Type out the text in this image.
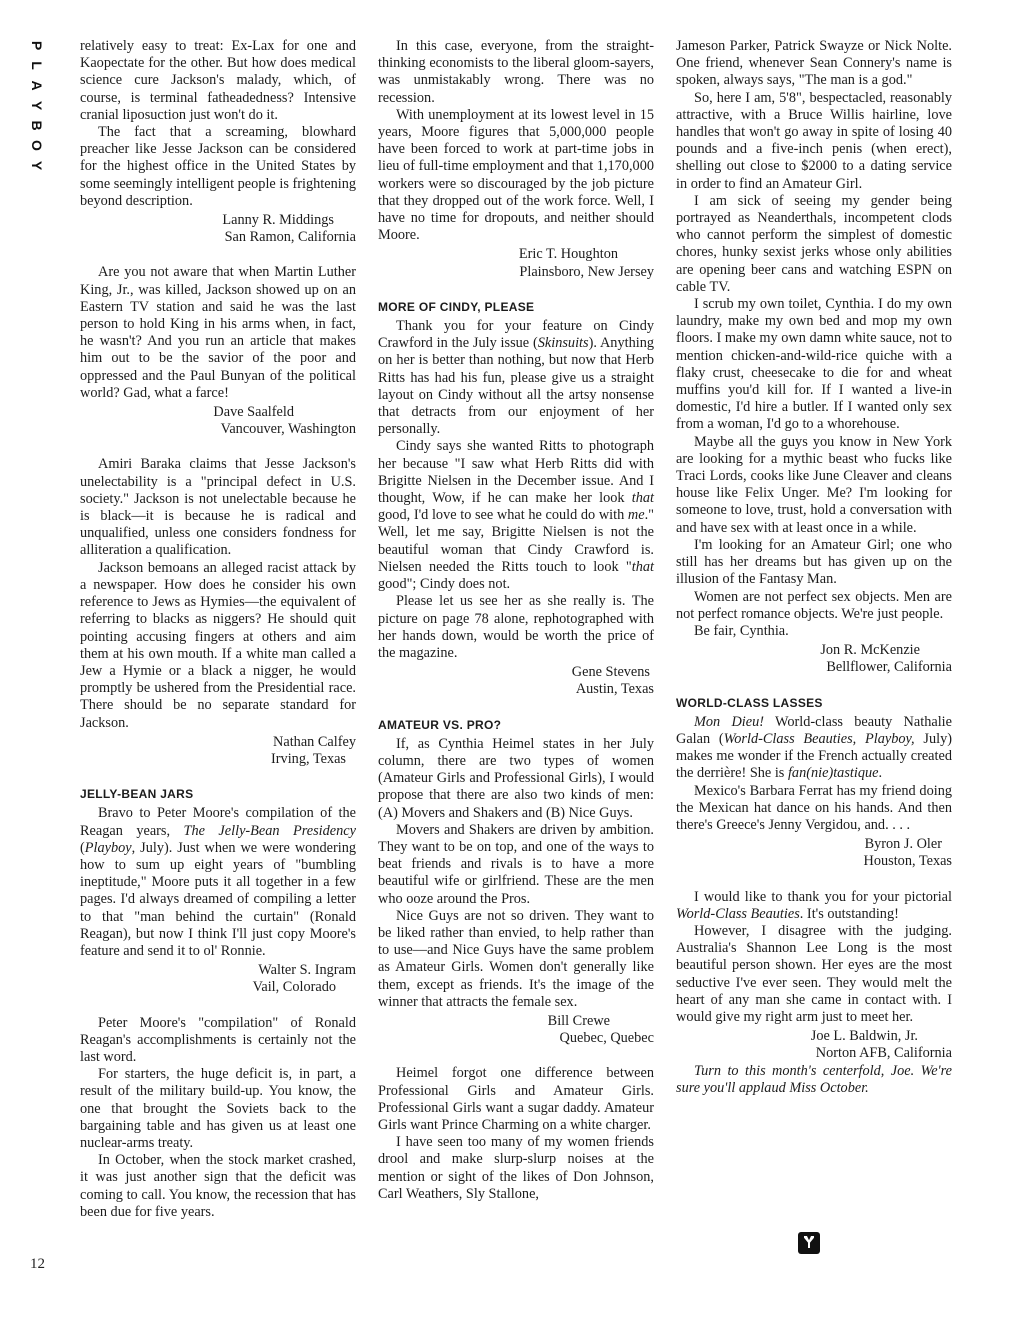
P
L
A
Y
B
O
Y
12

relatively easy to treat: Ex-Lax for one and Kaopectate for the other. But how does medical science cure Jackson's malady, which, of course, is terminal fatheadedness? Intensive cranial liposuction just won't do it.

The fact that a screaming, blowhard preacher like Jesse Jackson can be considered for the highest office in the United States by some seemingly intelligent people is frightening beyond description.

Lanny R. Middings
San Ramon, California

Are you not aware that when Martin Luther King, Jr., was killed, Jackson showed up on an Eastern TV station and said he was the last person to hold King in his arms when, in fact, he wasn't? And you run an article that makes him out to be the savior of the poor and oppressed and the Paul Bunyan of the political world? Gad, what a farce!

Dave Saalfeld
Vancouver, Washington

Amiri Baraka claims that Jesse Jackson's unelectability is a "principal defect in U.S. society." Jackson is not unelectable because he is black—it is because he is radical and unqualified, unless one considers fondness for alliteration a qualification.

Jackson bemoans an alleged racist attack by a newspaper. How does he consider his own reference to Jews as Hymies—the equivalent of referring to blacks as niggers? He should quit pointing accusing fingers at others and aim them at his own mouth. If a white man called a Jew a Hymie or a black a nigger, he would promptly be ushered from the Presidential race. There should be no separate standard for Jackson.

Nathan Calfey
Irving, Texas
JELLY-BEAN JARS

Bravo to Peter Moore's compilation of the Reagan years, The Jelly-Bean Presidency (Playboy, July). Just when we were wondering how to sum up eight years of "bumbling ineptitude," Moore puts it all together in a few pages. I'd always dreamed of compiling a letter to that "man behind the curtain" (Ronald Reagan), but now I think I'll just copy Moore's feature and send it to ol' Ronnie.

Walter S. Ingram
Vail, Colorado

Peter Moore's "compilation" of Ronald Reagan's accomplishments is certainly not the last word.

For starters, the huge deficit is, in part, a result of the military build-up. You know, the one that brought the Soviets back to the bargaining table and has given us at least one nuclear-arms treaty.

In October, when the stock market crashed, it was just another sign that the deficit was coming to call. You know, the recession that has been due for five years.

In this case, everyone, from the straight-thinking economists to the liberal gloom-sayers, was unmistakably wrong. There was no recession.

With unemployment at its lowest level in 15 years, Moore figures that 5,000,000 people have been forced to work at part-time jobs in lieu of full-time employment and that 1,170,000 workers were so discouraged by the job picture that they dropped out of the work force. Well, I have no time for dropouts, and neither should Moore.

Eric T. Houghton
Plainsboro, New Jersey
MORE OF CINDY, PLEASE

Thank you for your feature on Cindy Crawford in the July issue (Skinsuits). Anything on her is better than nothing, but now that Herb Ritts has had his fun, please give us a straight layout on Cindy without all the artsy nonsense that detracts from our enjoyment of her personally.

Cindy says she wanted Ritts to photograph her because "I saw what Herb Ritts did with Brigitte Nielsen in the December issue. And I thought, Wow, if he can make her look that good, I'd love to see what he could do with me." Well, let me say, Brigitte Nielsen is not the beautiful woman that Cindy Crawford is. Nielsen needed the Ritts touch to look "that good"; Cindy does not.

Please let us see her as she really is. The picture on page 78 alone, rephotographed with her hands down, would be worth the price of the magazine.

Gene Stevens
Austin, Texas
AMATEUR VS. PRO?

If, as Cynthia Heimel states in her July column, there are two types of women (Amateur Girls and Professional Girls), I would propose that there are also two kinds of men: (A) Movers and Shakers and (B) Nice Guys.

Movers and Shakers are driven by ambition. They want to be on top, and one of the ways to beat friends and rivals is to have a more beautiful wife or girlfriend. These are the men who ooze around the Pros.

Nice Guys are not so driven. They want to be liked rather than envied, to help rather than to use—and Nice Guys have the same problem as Amateur Girls. Women don't generally like them, except as friends. It's the image of the winner that attracts the female sex.

Bill Crewe
Quebec, Quebec

Heimel forgot one difference between Professional Girls and Amateur Girls. Professional Girls want a sugar daddy. Amateur Girls want Prince Charming on a white charger.

I have seen too many of my women friends drool and make slurp-slurp noises at the mention or sight of the likes of Don Johnson, Carl Weathers, Sly Stallone,

Jameson Parker, Patrick Swayze or Nick Nolte. One friend, whenever Sean Connery's name is spoken, always says, "The man is a god."

So, here I am, 5'8", bespectacled, reasonably attractive, with a Bruce Willis hairline, love handles that won't go away in spite of losing 40 pounds and a five-inch penis (when erect), shelling out close to $2000 to a dating service in order to find an Amateur Girl.

I am sick of seeing my gender being portrayed as Neanderthals, incompetent clods who cannot perform the simplest of domestic chores, hunky sexist jerks whose only abilities are opening beer cans and watching ESPN on cable TV.

I scrub my own toilet, Cynthia. I do my own laundry, make my own bed and mop my own floors. I make my own damn white sauce, not to mention chicken-and-wild-rice quiche with a flaky crust, cheesecake to die for and wheat muffins you'd kill for. If I wanted a live-in domestic, I'd hire a butler. If I wanted only sex from a woman, I'd go to a whorehouse.

Maybe all the guys you know in New York are looking for a mythic beast who fucks like Traci Lords, cooks like June Cleaver and cleans house like Felix Unger. Me? I'm looking for someone to love, trust, hold a conversation with and have sex with at least once in a while.

I'm looking for an Amateur Girl; one who still has her dreams but has given up on the illusion of the Fantasy Man.

Women are not perfect sex objects. Men are not perfect romance objects. We're just people.

Be fair, Cynthia.

Jon R. McKenzie
Bellflower, California
WORLD-CLASS LASSES

Mon Dieu! World-class beauty Nathalie Galan (World-Class Beauties, Playboy, July) makes me wonder if the French actually created the derrière! She is fan(nie)tastique.

Mexico's Barbara Ferrat has my friend doing the Mexican hat dance on his hands. And then there's Greece's Jenny Vergidou, and. . . .

Byron J. Oler
Houston, Texas

I would like to thank you for your pictorial World-Class Beauties. It's outstanding!

However, I disagree with the judging. Australia's Shannon Lee Long is the most beautiful person shown. Her eyes are the most seductive I've ever seen. They would melt the heart of any man she came in contact with. I would give my right arm just to meet her.

Joe L. Baldwin, Jr.
Norton AFB, California

Turn to this month's centerfold, Joe. We're sure you'll applaud Miss October.
